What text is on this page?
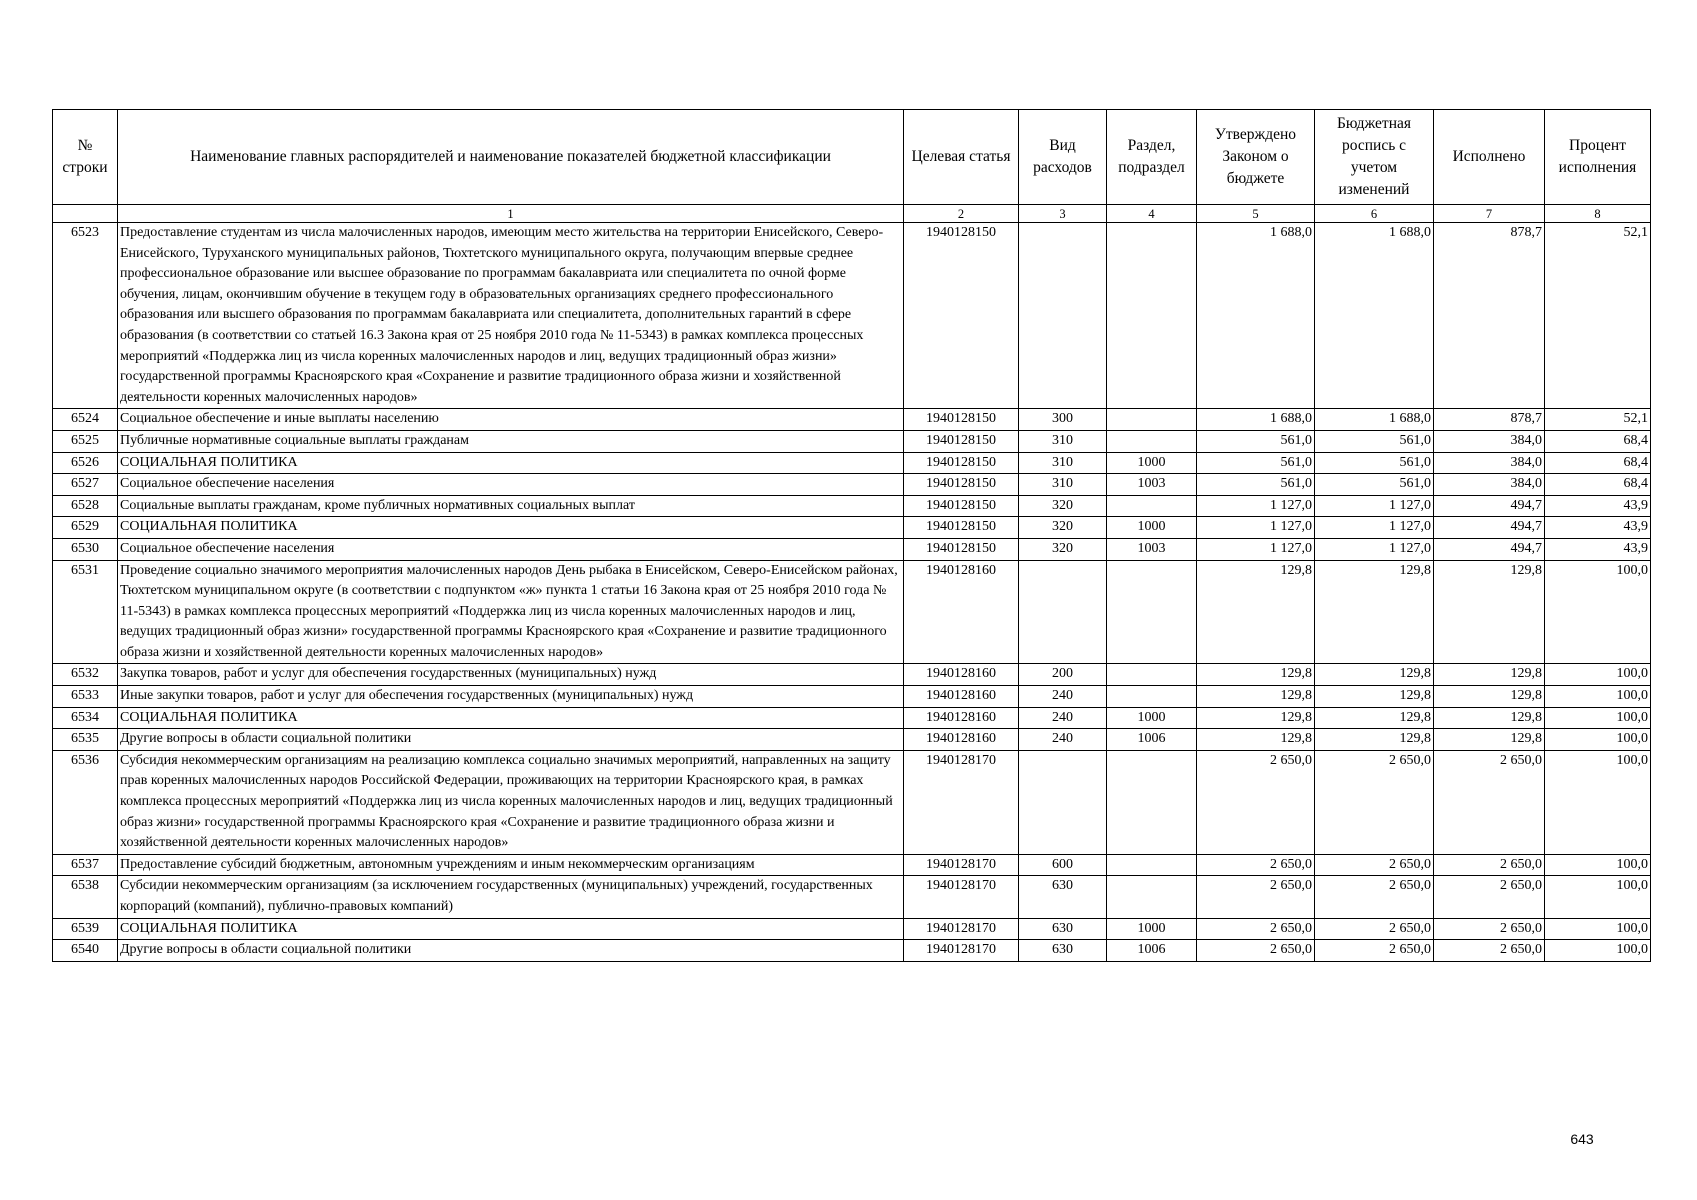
№ строки	Наименование главных распорядителей и наименование показателей бюджетной классификации	Целевая статья	Вид расходов	Раздел, подраздел	Утверждено Законом о бюджете	Бюджетная роспись с учетом изменений	Исполнено	Процент исполнения
	1	2	3	4	5	6	7	8
6523	Предоставление студентам из числа малочисленных народов, имеющим место жительства на территории Енисейского, Северо-Енисейского, Туруханского муниципальных районов, Тюхтетского муниципального округа, получающим впервые среднее профессиональное образование или высшее образование по программам бакалавриата или специалитета по очной форме обучения, лицам, окончившим обучение в текущем году в образовательных организациях среднего профессионального образования или высшего образования по программам бакалавриата или специалитета, дополнительных гарантий в сфере образования (в соответствии со статьей 16.3 Закона края от 25 ноября 2010 года № 11-5343) в рамках комплекса процессных мероприятий «Поддержка лиц из числа коренных малочисленных народов и лиц, ведущих традиционный образ жизни» государственной программы Красноярского края «Сохранение и развитие традиционного образа жизни и хозяйственной деятельности коренных малочисленных народов»	1940128150			1 688,0	1 688,0	878,7	52,1
6524	Социальное обеспечение и иные выплаты населению	1940128150	300		1 688,0	1 688,0	878,7	52,1
6525	Публичные нормативные социальные выплаты гражданам	1940128150	310		561,0	561,0	384,0	68,4
6526	СОЦИАЛЬНАЯ ПОЛИТИКА	1940128150	310	1000	561,0	561,0	384,0	68,4
6527	Социальное обеспечение населения	1940128150	310	1003	561,0	561,0	384,0	68,4
6528	Социальные выплаты гражданам, кроме публичных нормативных социальных выплат	1940128150	320		1 127,0	1 127,0	494,7	43,9
6529	СОЦИАЛЬНАЯ ПОЛИТИКА	1940128150	320	1000	1 127,0	1 127,0	494,7	43,9
6530	Социальное обеспечение населения	1940128150	320	1003	1 127,0	1 127,0	494,7	43,9
6531	Проведение социально значимого мероприятия малочисленных народов День рыбака в Енисейском, Северо-Енисейском районах, Тюхтетском муниципальном округе (в соответствии с подпунктом «ж» пункта 1 статьи 16 Закона края от 25 ноября 2010 года № 11-5343) в рамках комплекса процессных мероприятий «Поддержка лиц из числа коренных малочисленных народов и лиц, ведущих традиционный образ жизни» государственной программы Красноярского края «Сохранение и развитие традиционного образа жизни и хозяйственной деятельности коренных малочисленных народов»	1940128160			129,8	129,8	129,8	100,0
6532	Закупка товаров, работ и услуг для обеспечения государственных (муниципальных) нужд	1940128160	200		129,8	129,8	129,8	100,0
6533	Иные закупки товаров, работ и услуг для обеспечения государственных (муниципальных) нужд	1940128160	240		129,8	129,8	129,8	100,0
6534	СОЦИАЛЬНАЯ ПОЛИТИКА	1940128160	240	1000	129,8	129,8	129,8	100,0
6535	Другие вопросы в области социальной политики	1940128160	240	1006	129,8	129,8	129,8	100,0
6536	Субсидия некоммерческим организациям на реализацию комплекса социально значимых мероприятий, направленных на защиту прав коренных малочисленных народов Российской Федерации, проживающих на территории Красноярского края, в рамках комплекса процессных мероприятий «Поддержка лиц из числа коренных малочисленных народов и лиц, ведущих традиционный образ жизни» государственной программы Красноярского края «Сохранение и развитие традиционного образа жизни и хозяйственной деятельности коренных малочисленных народов»	1940128170			2 650,0	2 650,0	2 650,0	100,0
6537	Предоставление субсидий бюджетным, автономным учреждениям и иным некоммерческим организациям	1940128170	600		2 650,0	2 650,0	2 650,0	100,0
6538	Субсидии некоммерческим организациям (за исключением государственных (муниципальных) учреждений, государственных корпораций (компаний), публично-правовых компаний)	1940128170	630		2 650,0	2 650,0	2 650,0	100,0
6539	СОЦИАЛЬНАЯ ПОЛИТИКА	1940128170	630	1000	2 650,0	2 650,0	2 650,0	100,0
6540	Другие вопросы в области социальной политики	1940128170	630	1006	2 650,0	2 650,0	2 650,0	100,0
643
